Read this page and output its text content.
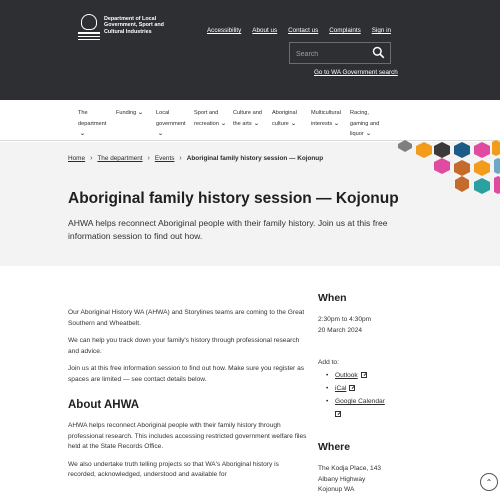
Department of Local Government, Sport and Cultural Industries	Accessibility About us Contact us Complaints Sign in
Search
Go to WA Government search
The
department
⌄
Funding⌄ Local
government
⌄
Sport and
recreation⌄
Culture and
the arts⌄
Aboriginal
culture⌄
Multicultural
interests⌄
Racing,
gaming and
liquor⌄
Home › The department › Events › Aboriginal family history session — Kojonup
Aboriginal family history session — Kojonup

AHWA helps reconnect Aboriginal people with their family history. Join us at this free information session to find out how.

Our Aboriginal History WA (AHWA) and Storylines teams are coming to the Great Southern and Wheatbelt.

We can help you track down your family's history through professional research and advice.

Join us at this free information session to find out how. Make sure you register as spaces are limited — see contact details below.

About AHWA

AHWA helps reconnect Aboriginal people with their family history through professional research. This includes accessing restricted government welfare files held at the State Records Office.

We also undertake truth telling projects so that WA's Aboriginal history is recorded, acknowledged, understood and available for

When
2:30pm to 4:30pm
20 March 2024
Add to:
• Outlook
• iCal
• Google Calendar

Where
The Kodja Place, 143
Albany Highway
Kojonup WA
⌃
